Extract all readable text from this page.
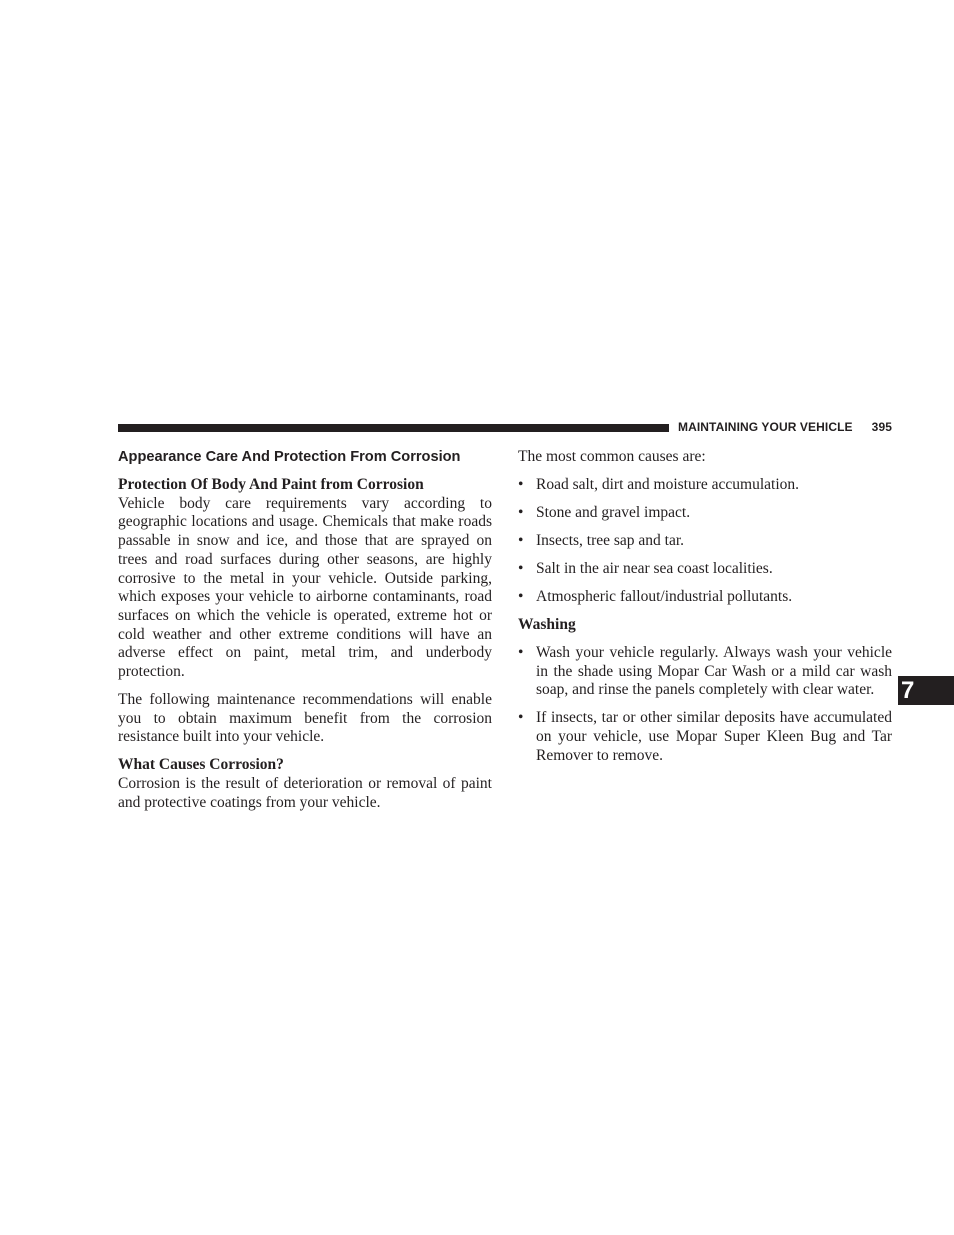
MAINTAINING YOUR VEHICLE 395
7
Appearance Care And Protection From Corrosion
Protection Of Body And Paint from Corrosion

Vehicle body care requirements vary according to geographic locations and usage. Chemicals that make roads passable in snow and ice, and those that are sprayed on trees and road surfaces during other seasons, are highly corrosive to the metal in your vehicle. Outside parking, which exposes your vehicle to airborne contaminants, road surfaces on which the vehicle is operated, extreme hot or cold weather and other extreme conditions will have an adverse effect on paint, metal trim, and underbody protection.

The following maintenance recommendations will enable you to obtain maximum benefit from the corrosion resistance built into your vehicle.

What Causes Corrosion?

Corrosion is the result of deterioration or removal of paint and protective coatings from your vehicle.

The most common causes are:

• Road salt, dirt and moisture accumulation.
• Stone and gravel impact.
• Insects, tree sap and tar.
• Salt in the air near sea coast localities.
• Atmospheric fallout/industrial pollutants.
Washing
• Wash your vehicle regularly. Always wash your vehicle in the shade using Mopar Car Wash or a mild car wash soap, and rinse the panels completely with clear water.
• If insects, tar or other similar deposits have accumulated on your vehicle, use Mopar Super Kleen Bug and Tar Remover to remove.
